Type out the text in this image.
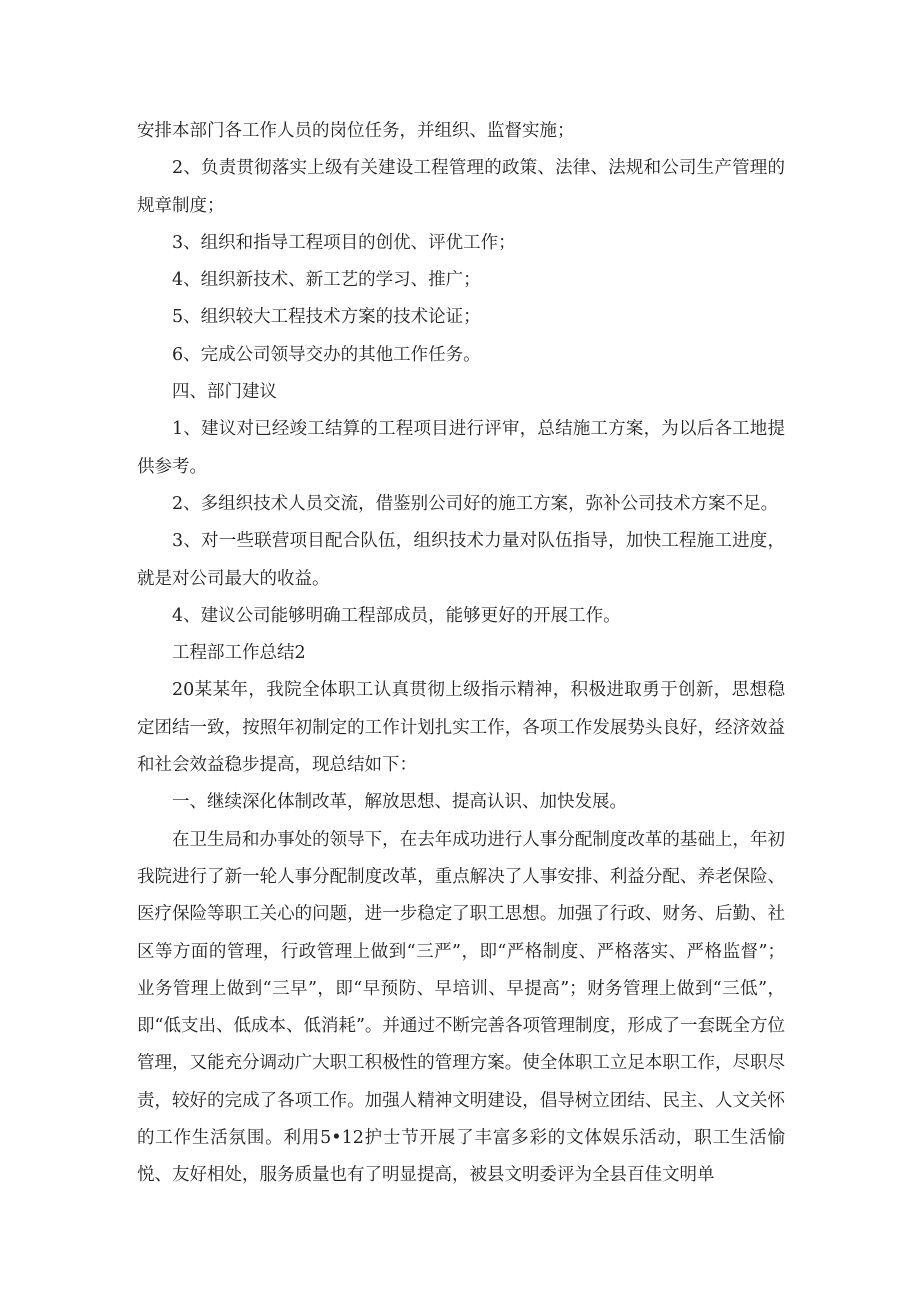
安排本部门各工作人员的岗位任务，并组织、监督实施；

2、负责贯彻落实上级有关建设工程管理的政策、法律、法规和公司生产管理的规章制度；

3、组织和指导工程项目的创优、评优工作；

4、组织新技术、新工艺的学习、推广；

5、组织较大工程技术方案的技术论证；

6、完成公司领导交办的其他工作任务。

四、部门建议

1、建议对已经竣工结算的工程项目进行评审，总结施工方案，为以后各工地提供参考。

2、多组织技术人员交流，借鉴别公司好的施工方案，弥补公司技术方案不足。

3、对一些联营项目配合队伍，组织技术力量对队伍指导，加快工程施工进度，就是对公司最大的收益。

4、建议公司能够明确工程部成员，能够更好的开展工作。

工程部工作总结2

20某某年，我院全体职工认真贯彻上级指示精神，积极进取勇于创新，思想稳定团结一致，按照年初制定的工作计划扎实工作，各项工作发展势头良好，经济效益和社会效益稳步提高，现总结如下：

一、继续深化体制改革，解放思想、提高认识、加快发展。

在卫生局和办事处的领导下，在去年成功进行人事分配制度改革的基础上，年初我院进行了新一轮人事分配制度改革，重点解决了人事安排、利益分配、养老保险、医疗保险等职工关心的问题，进一步稳定了职工思想。加强了行政、财务、后勤、社区等方面的管理，行政管理上做到“三严”，即“严格制度、严格落实、严格监督”；业务管理上做到“三早”，即“早预防、早培训、早提高”；财务管理上做到“三低”，即“低支出、低成本、低消耗”。并通过不断完善各项管理制度，形成了一套既全方位管理，又能充分调动广大职工积极性的管理方案。使全体职工立足本职工作，尽职尽责，较好的完成了各项工作。加强人精神文明建设，倡导树立团结、民主、人文关怀的工作生活氛围。利用5•12护士节开展了丰富多彩的文体娱乐活动，职工生活愉悦、友好相处，服务质量也有了明显提高，被县文明委评为全县百佳文明单
